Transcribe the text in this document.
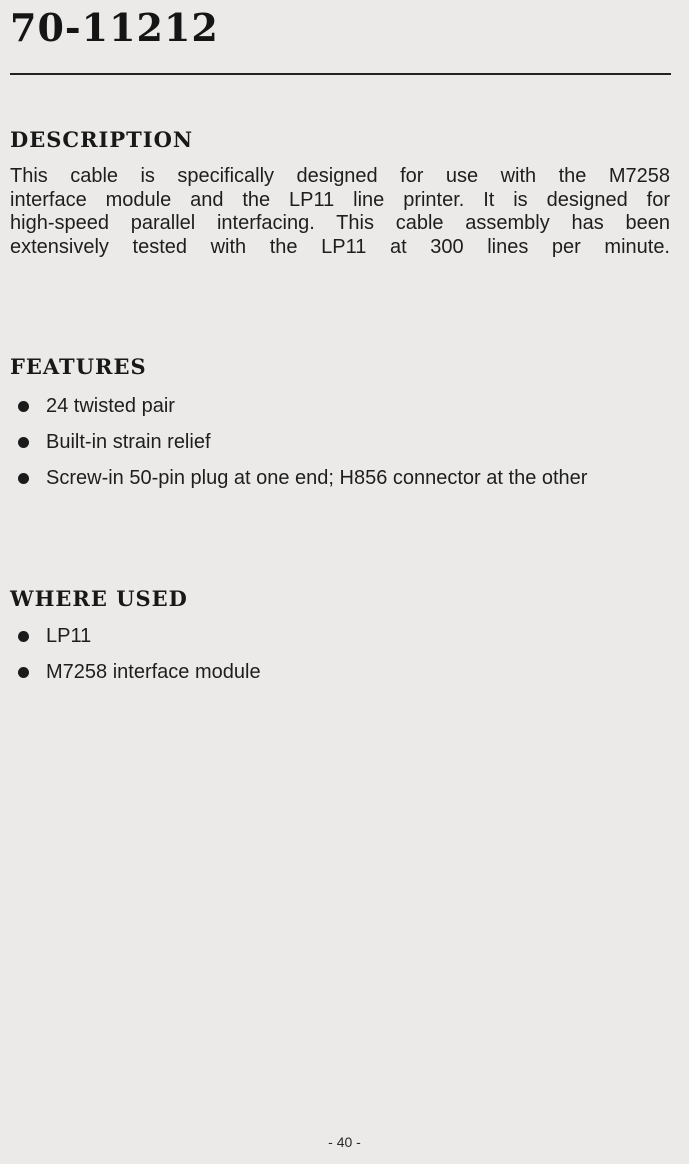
70-11212
DESCRIPTION

This cable is specifically designed for use with the M7258
interface module and the LP11 line printer. It is designed for
high-speed parallel interfacing. This cable assembly has been
extensively tested with the LP11 at 300 lines per minute.

FEATURES
24 twisted pair
Built-in strain relief
Screw-in 50-pin plug at one end; H856 connector at the other
WHERE USED
LP11
M7258 interface module
- 40 -
